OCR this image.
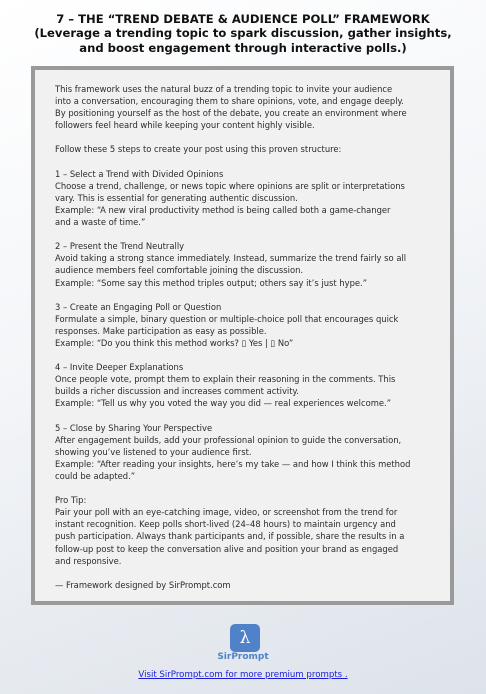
7 – THE “TREND DEBATE & AUDIENCE POLL” FRAMEWORK
(Leverage a trending topic to spark discussion, gather insights,
and boost engagement through interactive polls.)

This framework uses the natural buzz of a trending topic to invite your audience

into a conversation, encouraging them to share opinions, vote, and engage deeply.

By positioning yourself as the host of the debate, you create an environment where

followers feel heard while keeping your content highly visible.

Follow these 5 steps to create your post using this proven structure:

1 – Select a Trend with Divided Opinions

Choose a trend, challenge, or news topic where opinions are split or interpretations

vary. This is essential for generating authentic discussion.

Example: “A new viral productivity method is being called both a game-changer

and a waste of time.”

2 – Present the Trend Neutrally

Avoid taking a strong stance immediately. Instead, summarize the trend fairly so all

audience members feel comfortable joining the discussion.

Example: “Some say this method triples output; others say it’s just hype.”

3 – Create an Engaging Poll or Question

Formulate a simple, binary question or multiple-choice poll that encourages quick

responses. Make participation as easy as possible.

Example: “Do you think this method works? ▯ Yes | ▯ No”

4 – Invite Deeper Explanations

Once people vote, prompt them to explain their reasoning in the comments. This

builds a richer discussion and increases comment activity.

Example: “Tell us why you voted the way you did — real experiences welcome.”

5 – Close by Sharing Your Perspective

After engagement builds, add your professional opinion to guide the conversation,

showing you’ve listened to your audience first.

Example: “After reading your insights, here’s my take — and how I think this method

could be adapted.”

Pro Tip:

Pair your poll with an eye-catching image, video, or screenshot from the trend for

instant recognition. Keep polls short-lived (24–48 hours) to maintain urgency and

push participation. Always thank participants and, if possible, share the results in a

follow-up post to keep the conversation alive and position your brand as engaged

and responsive.

— Framework designed by SirPrompt.com

λ
SirPrompt
Visit SirPrompt.com for more premium prompts .
